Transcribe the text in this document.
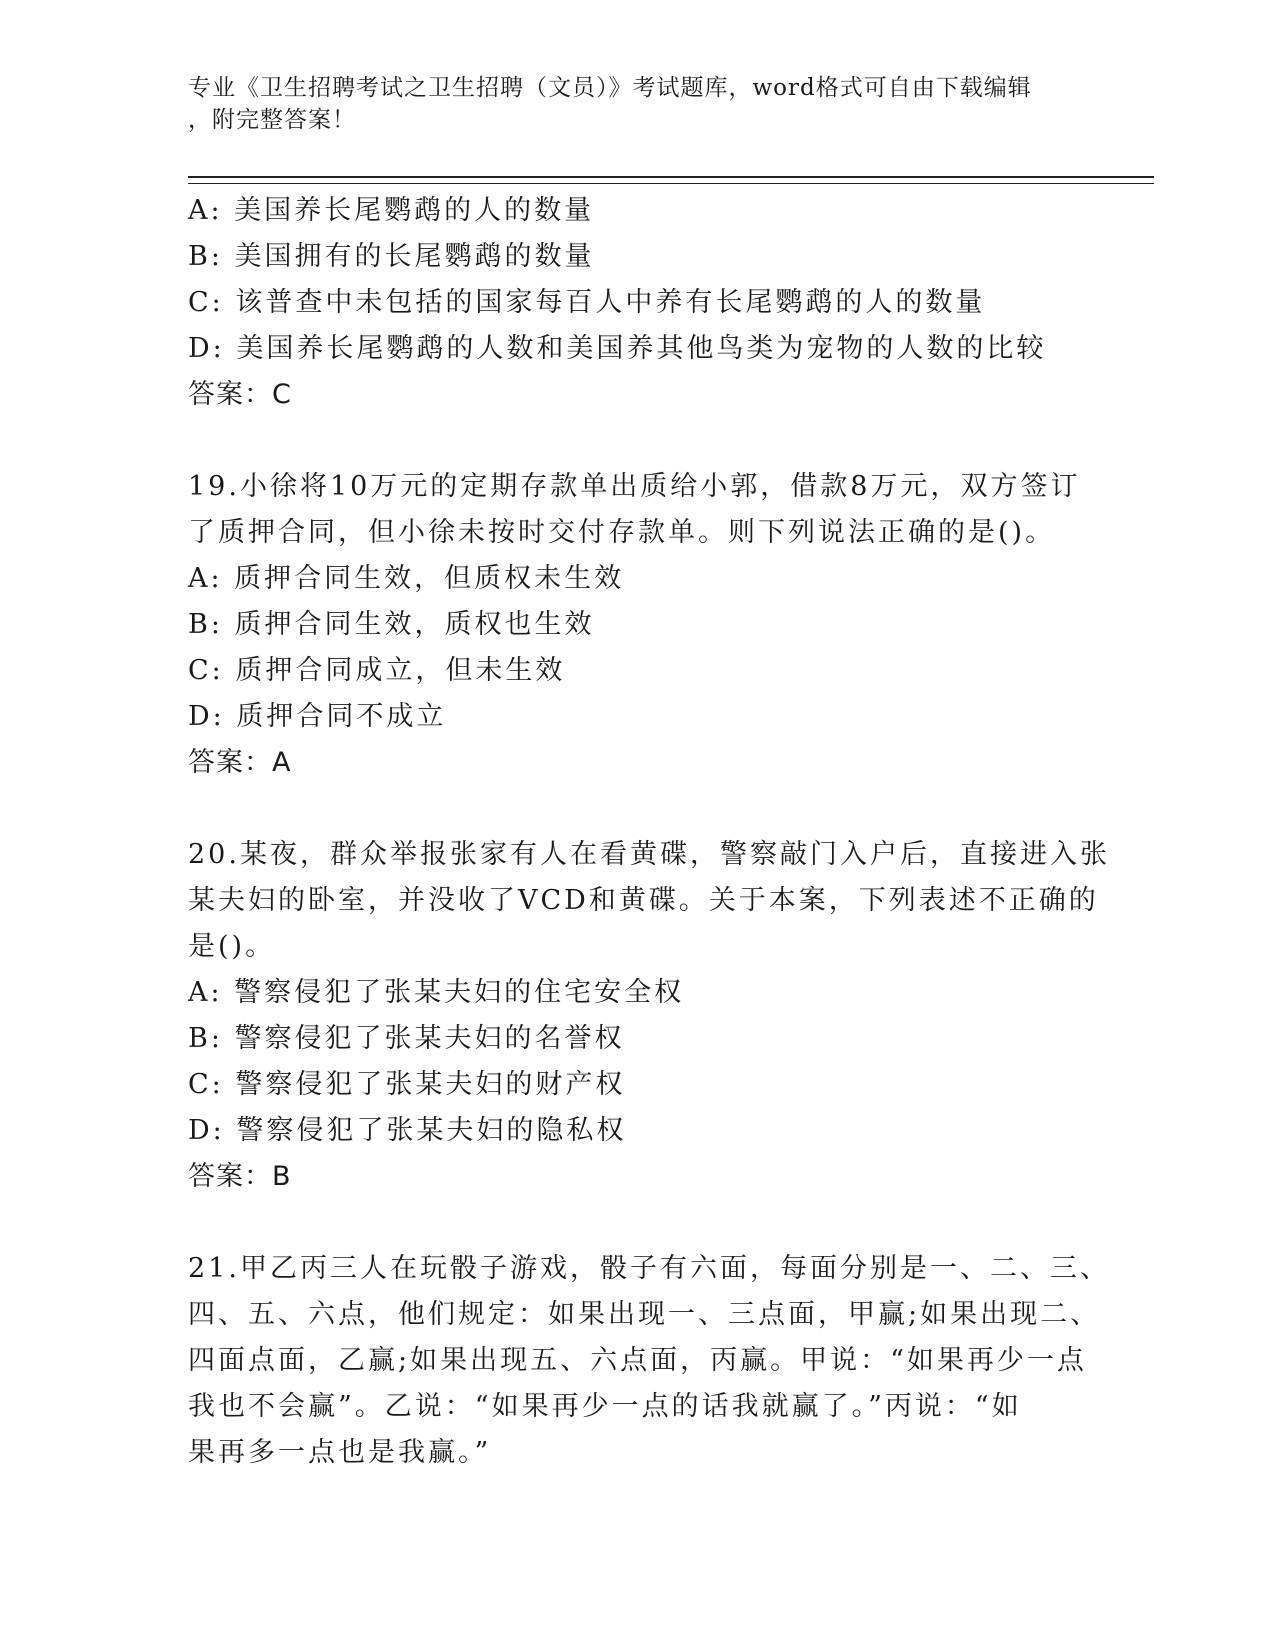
专业《卫生招聘考试之卫生招聘（文员）》考试题库，word格式可自由下载编辑

，附完整答案！

A: 美国养长尾鹦鹉的人的数量
B: 美国拥有的长尾鹦鹉的数量
C: 该普查中未包括的国家每百人中养有长尾鹦鹉的人的数量
D: 美国养长尾鹦鹉的人数和美国养其他鸟类为宠物的人数的比较
答案：C
19.小徐将10万元的定期存款单出质给小郭，借款8万元，双方签订
了质押合同，但小徐未按时交付存款单。则下列说法正确的是()。
A: 质押合同生效，但质权未生效
B: 质押合同生效，质权也生效
C: 质押合同成立，但未生效
D: 质押合同不成立
答案：A
20.某夜，群众举报张家有人在看黄碟，警察敲门入户后，直接进入张
某夫妇的卧室，并没收了VCD和黄碟。关于本案，下列表述不正确的
是()。
A: 警察侵犯了张某夫妇的住宅安全权
B: 警察侵犯了张某夫妇的名誉权
C: 警察侵犯了张某夫妇的财产权
D: 警察侵犯了张某夫妇的隐私权
答案：B
21.甲乙丙三人在玩骰子游戏，骰子有六面，每面分别是一、二、三、
四、五、六点，他们规定：如果出现一、三点面，甲赢;如果出现二、
四面点面，乙赢;如果出现五、六点面，丙赢。甲说：“如果再少一点
我也不会赢”。乙说：“如果再少一点的话我就赢了。”丙说：“如
果再多一点也是我赢。”
